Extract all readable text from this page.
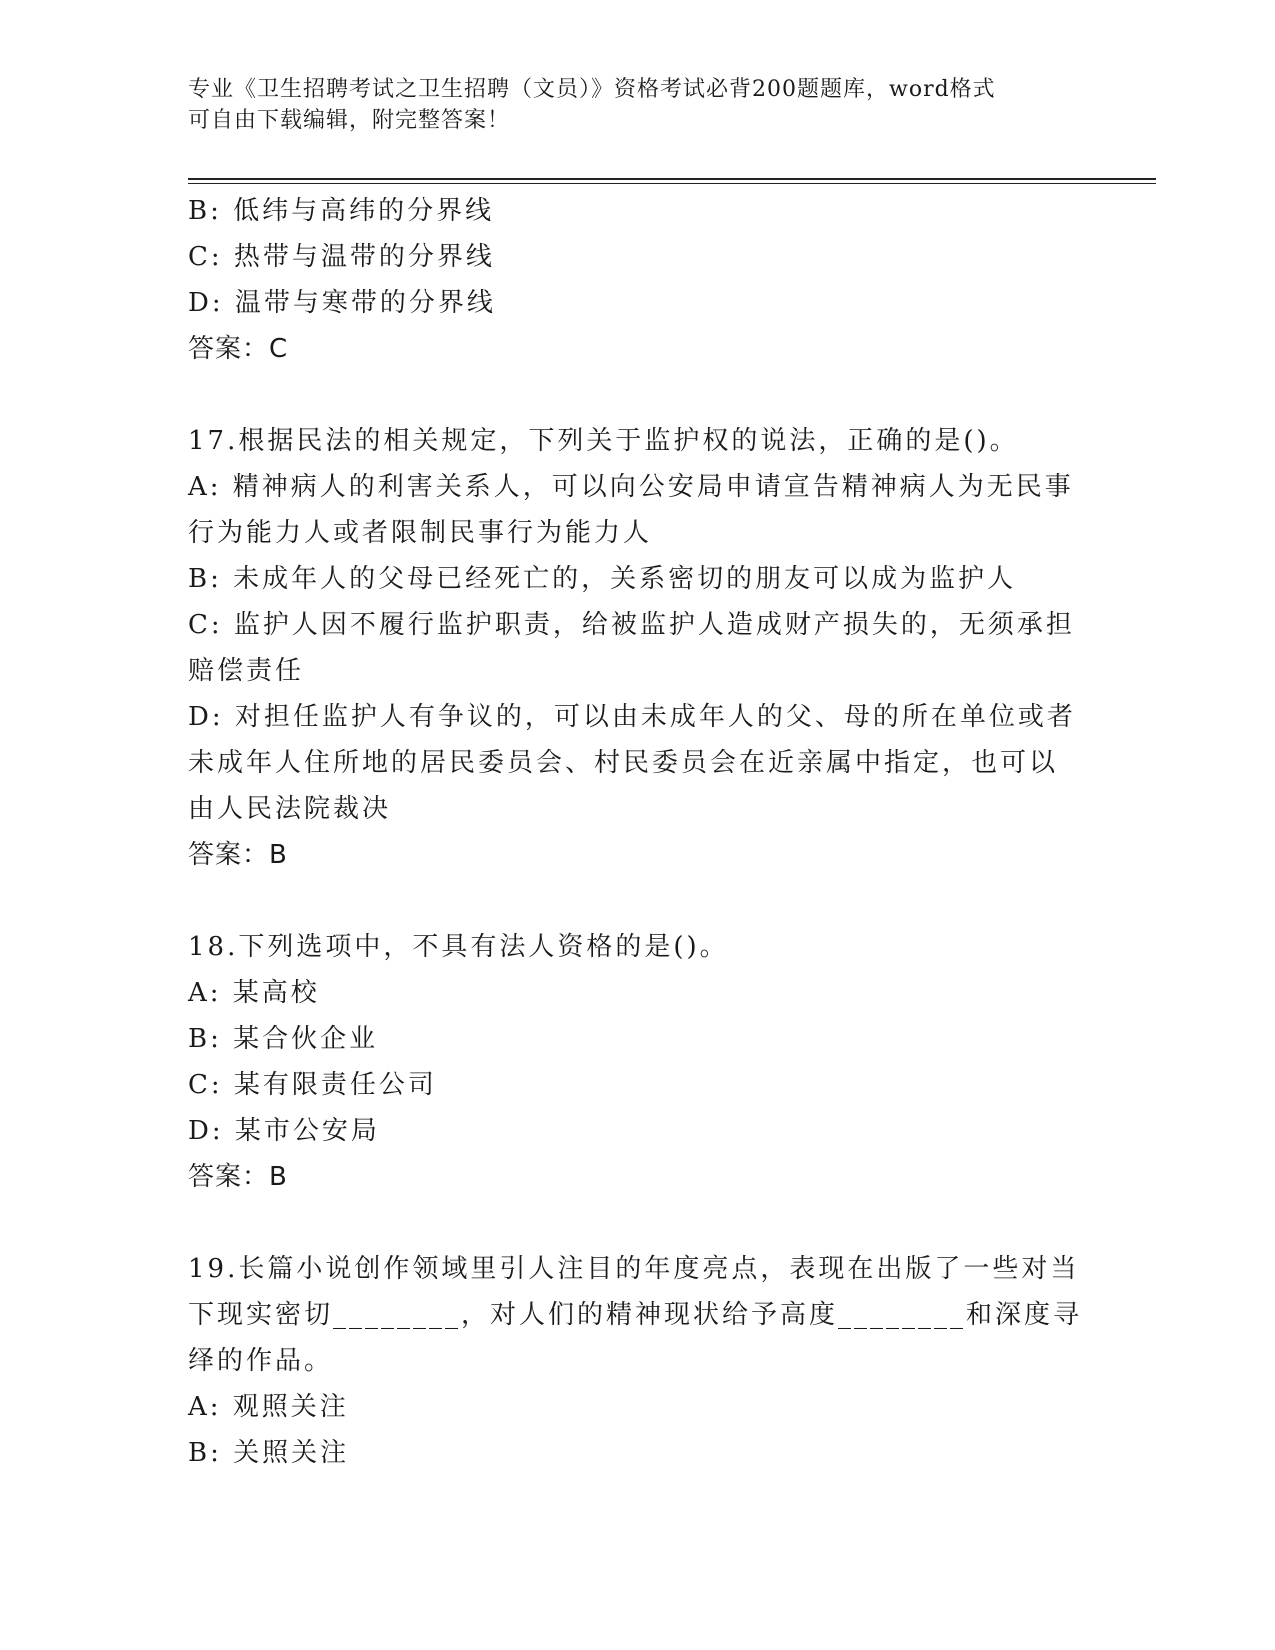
专业《卫生招聘考试之卫生招聘（文员）》资格考试必背200题题库，word格式
可自由下载编辑，附完整答案！
B: 低纬与高纬的分界线
C: 热带与温带的分界线
D: 温带与寒带的分界线
答案：C
17.根据民法的相关规定，下列关于监护权的说法，正确的是()。
A: 精神病人的利害关系人，可以向公安局申请宣告精神病人为无民事
行为能力人或者限制民事行为能力人
B: 未成年人的父母已经死亡的，关系密切的朋友可以成为监护人
C: 监护人因不履行监护职责，给被监护人造成财产损失的，无须承担
赔偿责任
D: 对担任监护人有争议的，可以由未成年人的父、母的所在单位或者
未成年人住所地的居民委员会、村民委员会在近亲属中指定，也可以
由人民法院裁决
答案：B
18.下列选项中，不具有法人资格的是()。
A: 某高校
B: 某合伙企业
C: 某有限责任公司
D: 某市公安局
答案：B
19.长篇小说创作领域里引人注目的年度亮点，表现在出版了一些对当
下现实密切________，对人们的精神现状给予高度________和深度寻
绎的作品。
A: 观照关注
B: 关照关注
